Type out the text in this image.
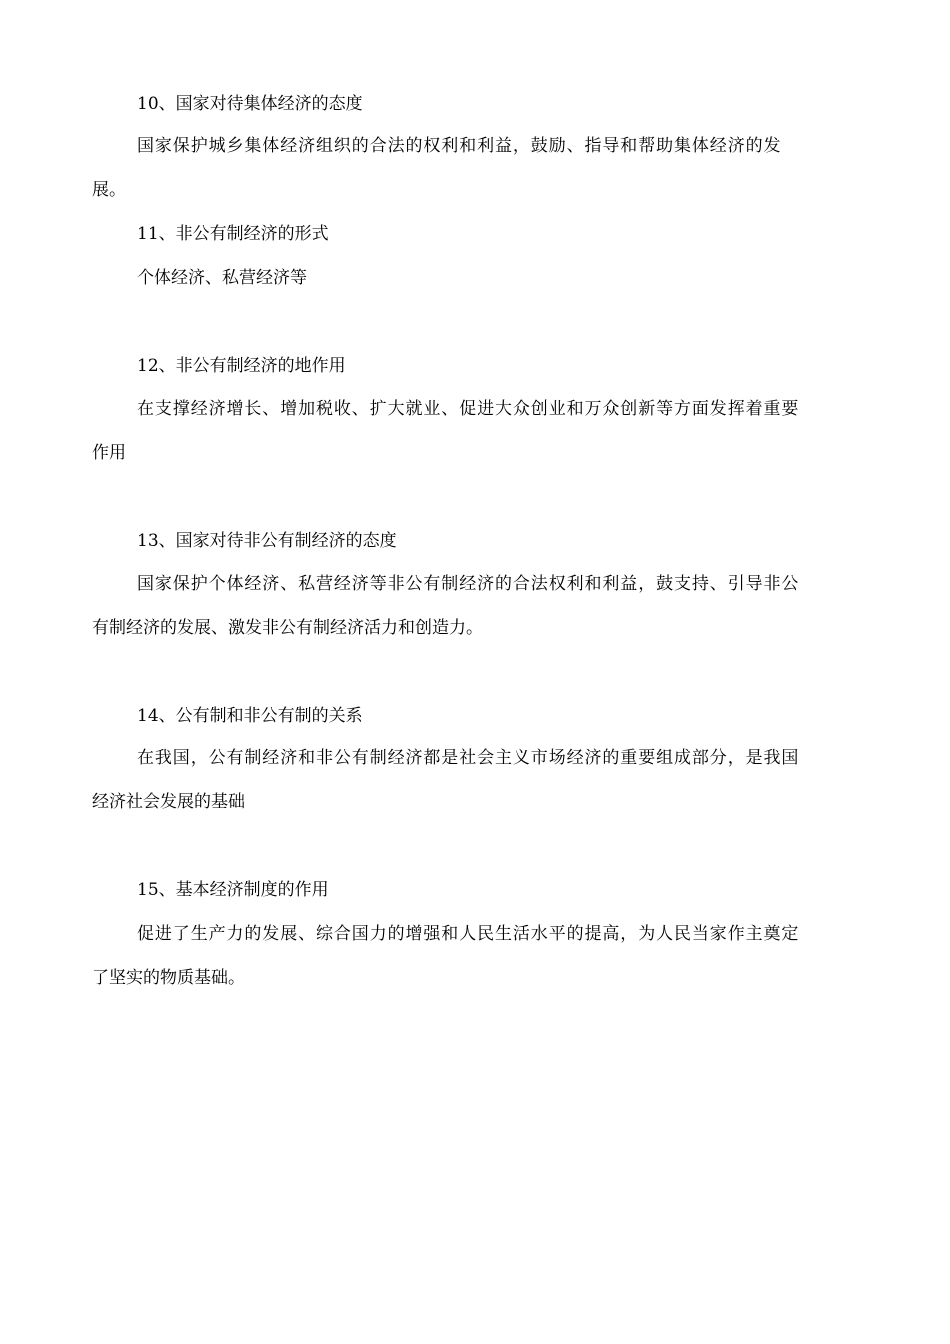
10、国家对待集体经济的态度
国家保护城乡集体经济组织的合法的权利和利益，鼓励、指导和帮助集体经济的发
展。
11、非公有制经济的形式
个体经济、私营经济等
12、非公有制经济的地作用
在支撑经济增长、增加税收、扩大就业、促进大众创业和万众创新等方面发挥着重要
作用
13、国家对待非公有制经济的态度
国家保护个体经济、私营经济等非公有制经济的合法权利和利益，鼓支持、引导非公
有制经济的发展、激发非公有制经济活力和创造力。
14、公有制和非公有制的关系
在我国，公有制经济和非公有制经济都是社会主义市场经济的重要组成部分，是我国
经济社会发展的基础
15、基本经济制度的作用
促进了生产力的发展、综合国力的增强和人民生活水平的提高，为人民当家作主奠定
了坚实的物质基础。
